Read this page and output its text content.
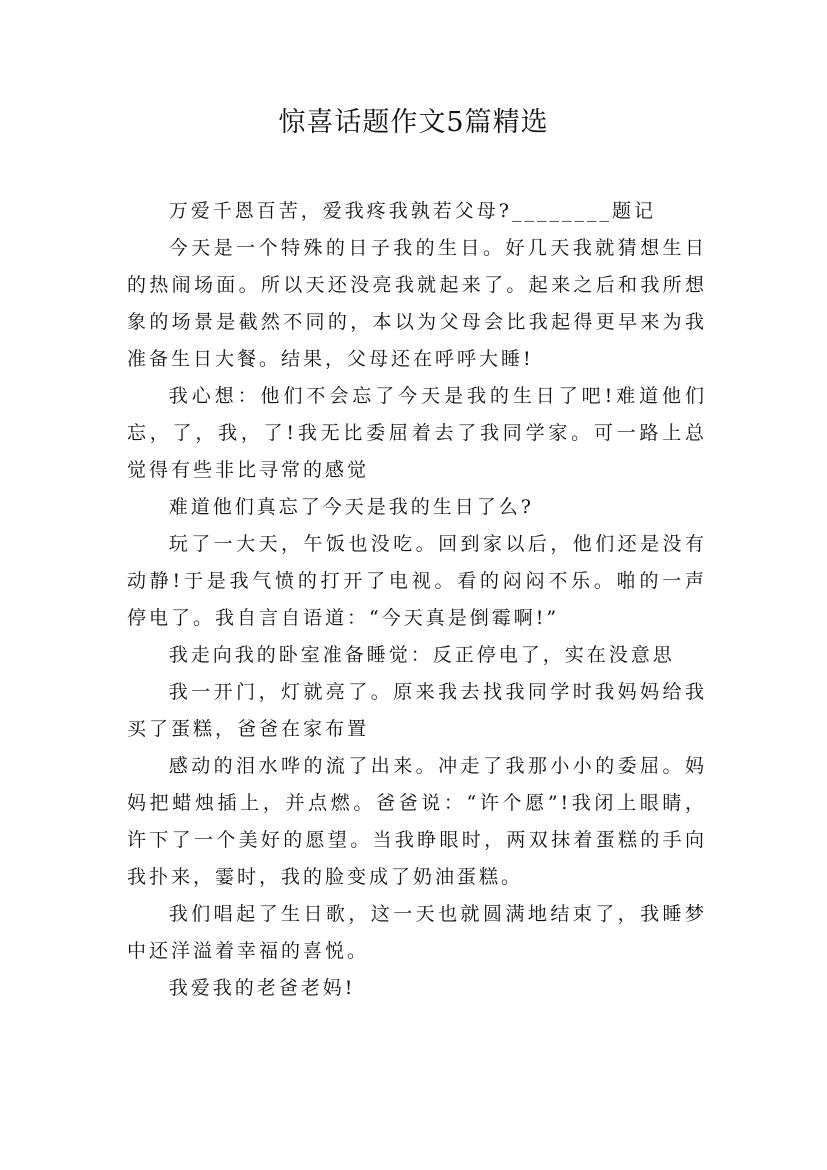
惊喜话题作文5篇精选

万爱千恩百苦，爱我疼我孰若父母?________题记

今天是一个特殊的日子我的生日。好几天我就猜想生日的热闹场面。所以天还没亮我就起来了。起来之后和我所想象的场景是截然不同的，本以为父母会比我起得更早来为我准备生日大餐。结果，父母还在呼呼大睡!

我心想：他们不会忘了今天是我的生日了吧!难道他们忘，了，我，了!我无比委屈着去了我同学家。可一路上总觉得有些非比寻常的感觉

难道他们真忘了今天是我的生日了么?

玩了一大天，午饭也没吃。回到家以后，他们还是没有动静!于是我气愤的打开了电视。看的闷闷不乐。啪的一声停电了。我自言自语道：“今天真是倒霉啊!”

我走向我的卧室准备睡觉：反正停电了，实在没意思

我一开门，灯就亮了。原来我去找我同学时我妈妈给我买了蛋糕，爸爸在家布置

感动的泪水哗的流了出来。冲走了我那小小的委屈。妈妈把蜡烛插上，并点燃。爸爸说：“许个愿”!我闭上眼睛，许下了一个美好的愿望。当我睁眼时，两双抹着蛋糕的手向我扑来，霎时，我的脸变成了奶油蛋糕。

我们唱起了生日歌，这一天也就圆满地结束了，我睡梦中还洋溢着幸福的喜悦。

我爱我的老爸老妈!
